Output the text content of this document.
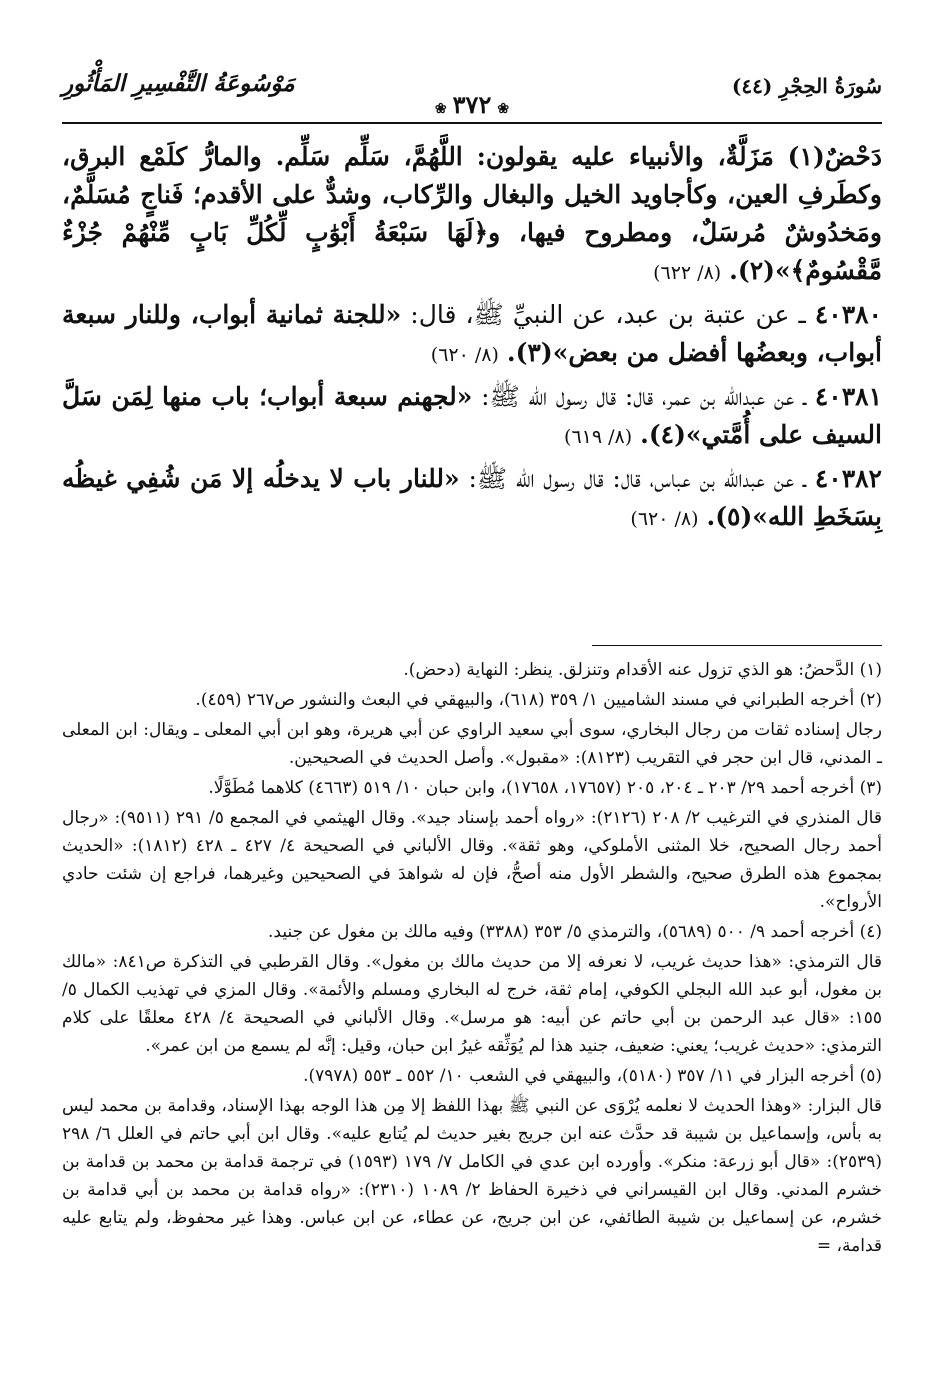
سُورَةُ الحِجْرِ (٤٤)
❀٣٧٢❀
مَوْسُوعَةُ التَّفْسِيرِ المَأْثُورِ

دَحْضٌ(١) مَزَلَّةٌ، والأنبياء عليه يقولون: اللَّهُمَّ، سَلِّم سَلِّم. والمارُّ كلَمْع البرق، وكطَرفِ العين، وكأجاويد الخيل والبغال والرِّكاب، وشدٌّ على الأقدم؛ فَناجٍ مُسَلَّمٌ، ومَخدُوشٌ مُرسَلٌ، ومطروح فيها، و﴿لَهَا سَبْعَةُ أَبْوَٰبٍ لِّكُلِّ بَابٍ مِّنْهُمْ جُزْءٌ مَّقْسُومٌ﴾»(٢). (٨/ ٦٢٢)

٤٠٣٨٠ ـ عن عتبة بن عبد، عن النبيِّ ﷺ، قال: «للجنة ثمانية أبواب، وللنار سبعة أبواب، وبعضُها أفضل من بعض»(٣). (٨/ ٦٢٠)

٤٠٣٨١ ـ عن عبدالله بن عمر، قال: قال رسول الله ﷺ: «لجهنم سبعة أبواب؛ باب منها لِمَن سَلَّ السيف على أُمَّتي»(٤). (٨/ ٦١٩)

٤٠٣٨٢ ـ عن عبدالله بن عباس، قال: قال رسول الله ﷺ: «للنار باب لا يدخلُه إلا مَن شُفِي غيظُه بِسَخَطِ الله»(٥). (٨/ ٦٢٠)

(١) الدَّحضُ: هو الذي تزول عنه الأقدام وتنزلق. ينظر: النهاية (دحض).

(٢) أخرجه الطبراني في مسند الشاميين ١/ ٣٥٩ (٦١٨)، والبيهقي في البعث والنشور ص٢٦٧ (٤٥٩).

رجال إسناده ثقات من رجال البخاري، سوى أبي سعيد الراوي عن أبي هريرة، وهو ابن أبي المعلى ـ ويقال: ابن المعلى ـ المدني، قال ابن حجر في التقريب (٨١٢٣): «مقبول». وأصل الحديث في الصحيحين.

(٣) أخرجه أحمد ٢٩/ ٢٠٣ ـ ٢٠٤، ٢٠٥ (١٧٦٥٧، ١٧٦٥٨)، وابن حبان ١٠/ ٥١٩ (٤٦٦٣) كلاهما مُطَوَّلًا.

قال المنذري في الترغيب ٢/ ٢٠٨ (٢١٢٦): «رواه أحمد بإسناد جيد». وقال الهيثمي في المجمع ٥/ ٢٩١ (٩٥١١): «رجال أحمد رجال الصحيح، خلا المثنى الأملوكي، وهو ثقة». وقال الألباني في الصحيحة ٤/ ٤٢٧ ـ ٤٢٨ (١٨١٢): «الحديث بمجموع هذه الطرق صحيح، والشطر الأول منه أصحُّ، فإن له شواهدَ في الصحيحين وغيرهما، فراجع إن شئت حادي الأرواح».

(٤) أخرجه أحمد ٩/ ٥٠٠ (٥٦٨٩)، والترمذي ٥/ ٣٥٣ (٣٣٨٨) وفيه مالك بن مغول عن جنيد.

قال الترمذي: «هذا حديث غريب، لا نعرفه إلا من حديث مالك بن مغول». وقال القرطبي في التذكرة ص٨٤١: «مالك بن مغول، أبو عبد الله البجلي الكوفي، إمام ثقة، خرج له البخاري ومسلم والأئمة». وقال المزي في تهذيب الكمال ٥/ ١٥٥: «قال عبد الرحمن بن أبي حاتم عن أبيه: هو مرسل». وقال الألباني في الصحيحة ٤/ ٤٢٨ معلقًا على كلام الترمذي: «حديث غريب؛ يعني: ضعيف، جنيد هذا لم يُوَثِّقه غيرُ ابن حبان، وقيل: إنَّه لم يسمع من ابن عمر».

(٥) أخرجه البزار في ١١/ ٣٥٧ (٥١٨٠)، والبيهقي في الشعب ١٠/ ٥٥٢ ـ ٥٥٣ (٧٩٧٨).

قال البزار: «وهذا الحديث لا نعلمه يُرْوَى عن النبي ﷺ بهذا اللفظ إلا مِن هذا الوجه بهذا الإسناد، وقدامة بن محمد ليس به بأس، وإسماعيل بن شيبة قد حدَّث عنه ابن جريج بغير حديث لم يُتابع عليه». وقال ابن أبي حاتم في العلل ٦/ ٢٩٨ (٢٥٣٩): «قال أبو زرعة: منكر». وأورده ابن عدي في الكامل ٧/ ١٧٩ (١٥٩٣) في ترجمة قدامة بن محمد بن قدامة بن خشرم المدني. وقال ابن القيسراني في ذخيرة الحفاظ ٢/ ١٠٨٩ (٢٣١٠): «رواه قدامة بن محمد بن أبي قدامة بن خشرم، عن إسماعيل بن شيبة الطائفي، عن ابن جريج، عن عطاء، عن ابن عباس. وهذا غير محفوظ، ولم يتابع عليه قدامة، =
